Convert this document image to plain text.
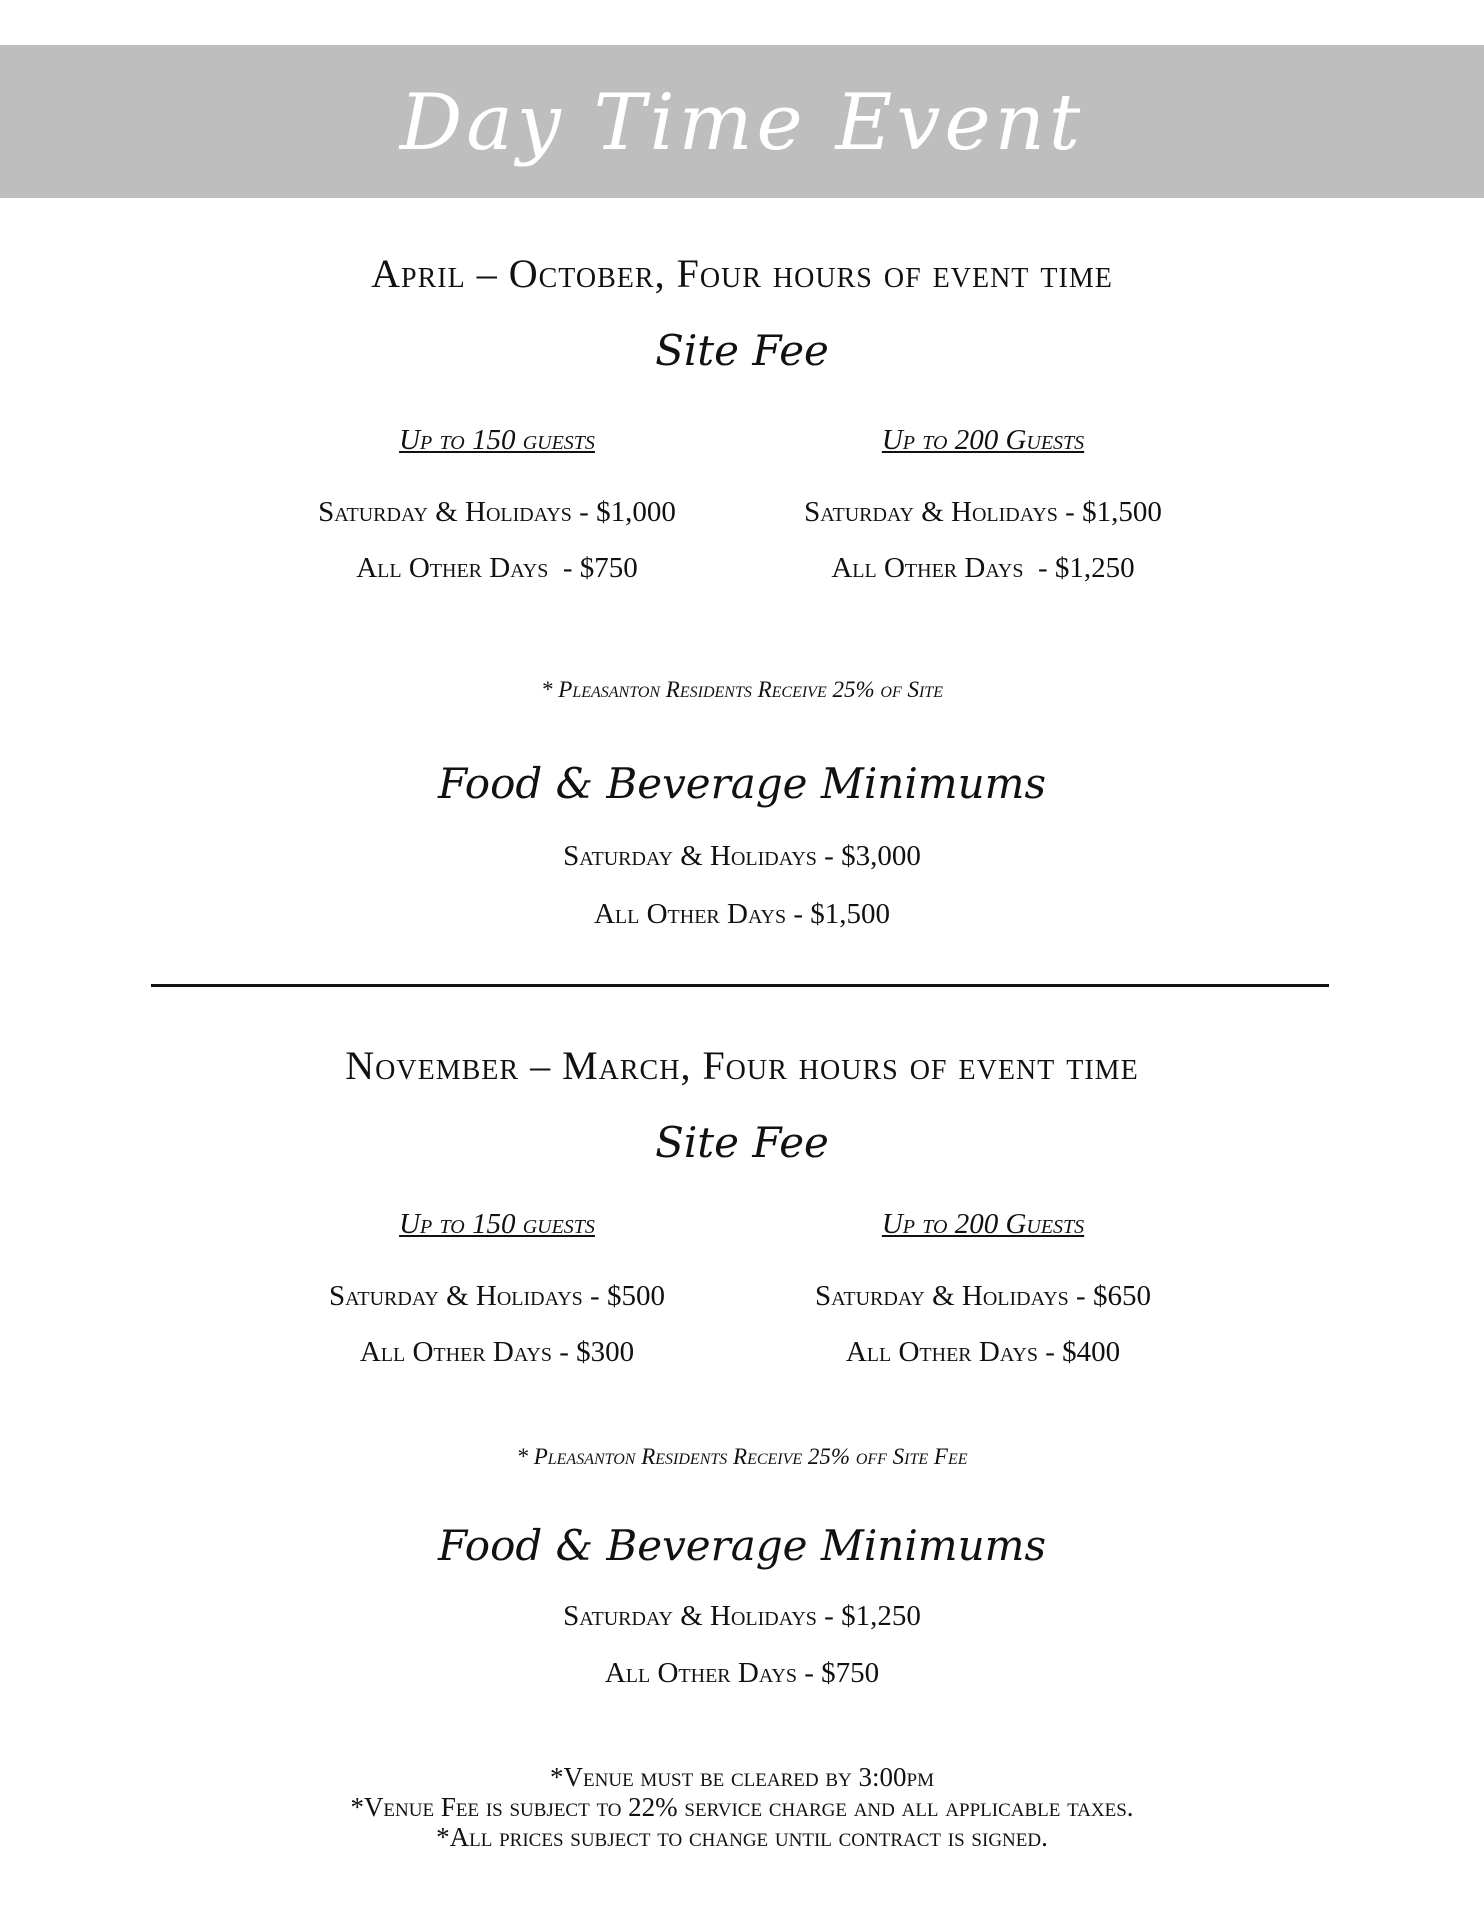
Day Time Event
April – October, Four hours of event time
Site Fee
Up to 150 guests	Up to 200 Guests
Saturday & Holidays - $1,000	Saturday & Holidays - $1,500
All Other Days  - $750	All Other Days  - $1,250
* Pleasanton Residents Receive 25% of Site
Food & Beverage Minimums
Saturday & Holidays - $3,000
All Other Days - $1,500
November – March, Four hours of event time
Site Fee
Up to 150 guests	Up to 200 Guests
Saturday & Holidays - $500	Saturday & Holidays - $650
All Other Days - $300	All Other Days - $400
* Pleasanton Residents Receive 25% off Site Fee
Food & Beverage Minimums
Saturday & Holidays - $1,250
All Other Days - $750
*Venue must be cleared by 3:00pm
*Venue Fee is subject to 22% service charge and all applicable taxes.
*All prices subject to change until contract is signed.
